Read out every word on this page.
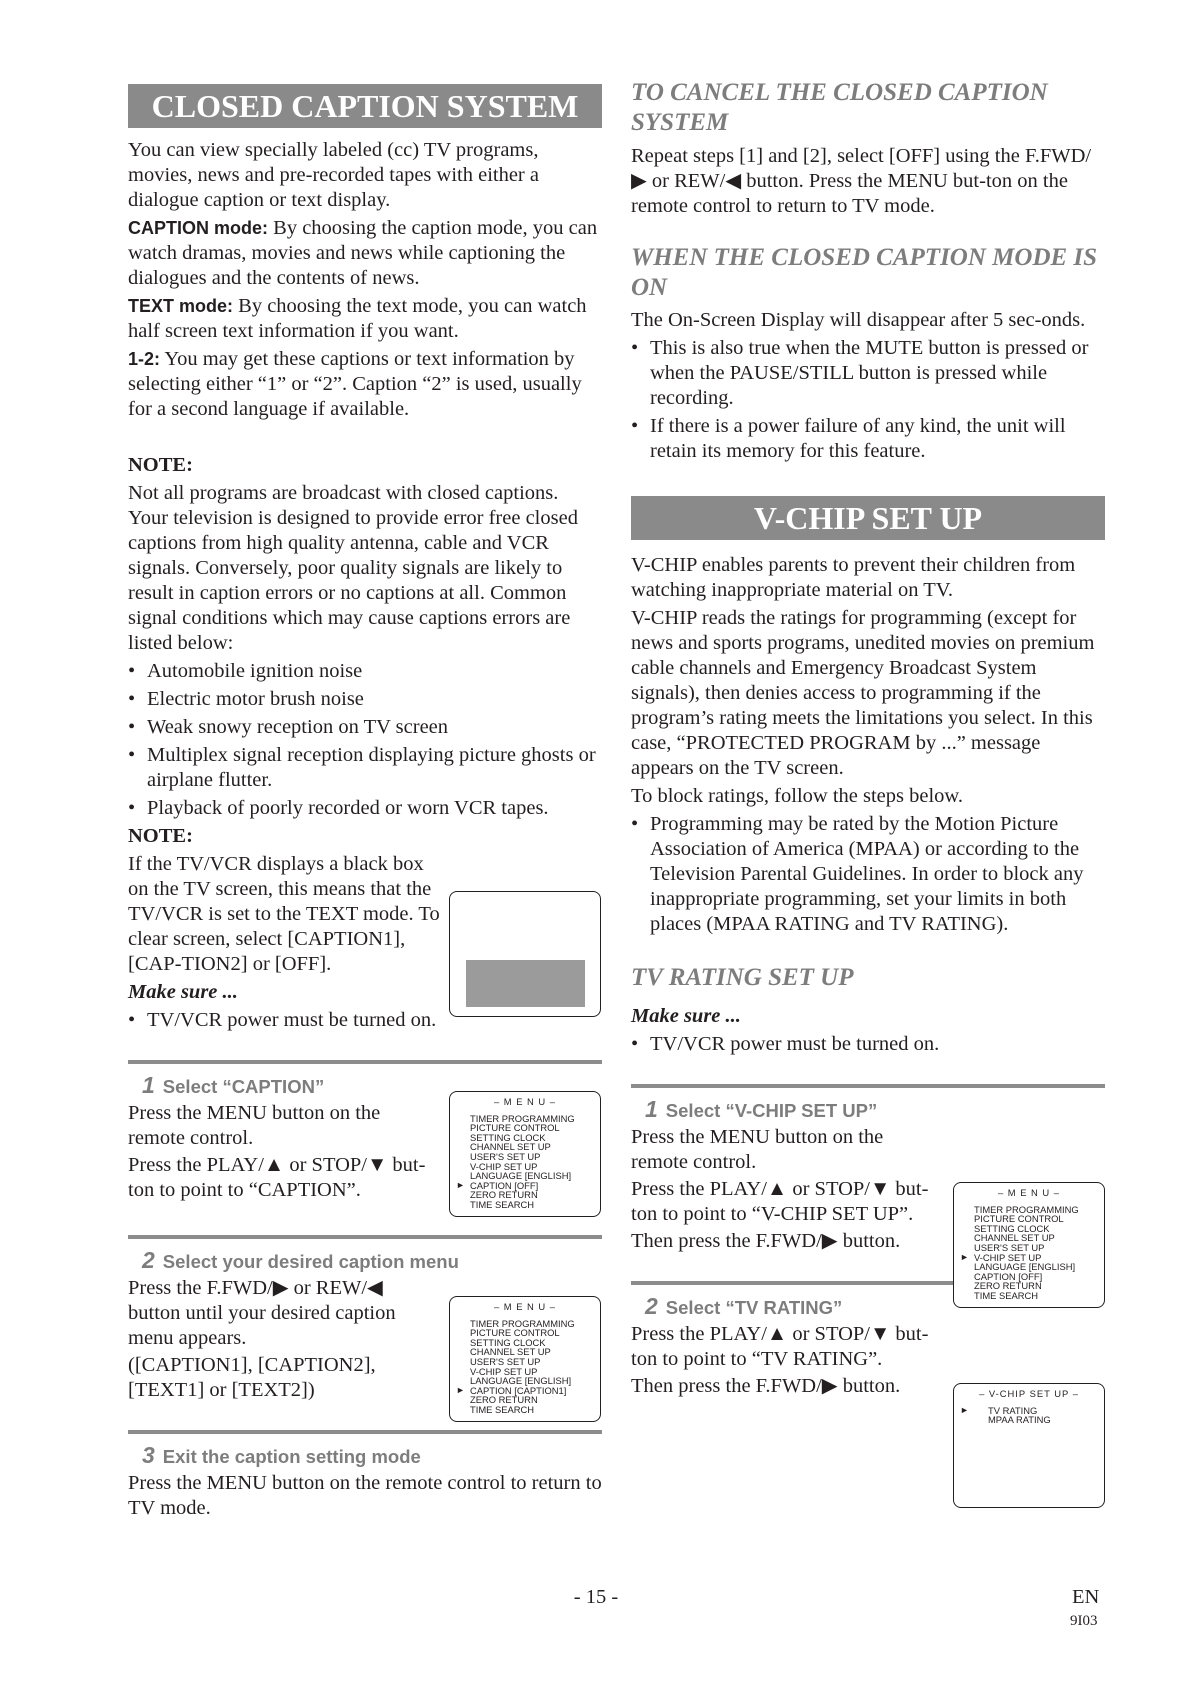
CLOSED CAPTION SYSTEM

You can view specially labeled (cc) TV programs, movies, news and pre-recorded tapes with either a dialogue caption or text display.

CAPTION mode: By choosing the caption mode, you can watch dramas, movies and news while captioning the dialogues and the contents of news.

TEXT mode: By choosing the text mode, you can watch half screen text information if you want.

1-2: You may get these captions or text information by selecting either “1” or “2”. Caption “2” is used, usually for a second language if available.

NOTE:

Not all programs are broadcast with closed captions. Your television is designed to provide error free closed captions from high quality antenna, cable and VCR signals. Conversely, poor quality signals are likely to result in caption errors or no captions at all. Common signal conditions which may cause captions errors are listed below:

• Automobile ignition noise

• Electric motor brush noise

• Weak snowy reception on TV screen

• Multiplex signal reception displaying picture ghosts or airplane flutter.

• Playback of poorly recorded or worn VCR tapes.

NOTE:

If the TV/VCR displays a black box on the TV screen, this means that the TV/VCR is set to the TEXT mode. To clear screen, select [CAPTION1], [CAP-TION2] or [OFF].

Make sure ...

• TV/VCR power must be turned on.

1 Select “CAPTION”

Press the MENU button on the remote control.

Press the PLAY/▲ or STOP/▼ but-ton to point to “CAPTION”.

2 Select your desired caption menu

Press the F.FWD/▶ or REW/◀ button until your desired caption menu appears.

([CAPTION1], [CAPTION2], [TEXT1] or [TEXT2])

3 Exit the caption setting mode

Press the MENU button on the remote control to return to TV mode.

– M E N U –
TIMER PROGRAMMING
PICTURE CONTROL
SETTING CLOCK
CHANNEL SET UP
USER'S SET UP
V-CHIP SET UP
LANGUAGE [ENGLISH]
► CAPTION [OFF]
ZERO RETURN
TIME SEARCH
– M E N U –
TIMER PROGRAMMING
PICTURE CONTROL
SETTING CLOCK
CHANNEL SET UP
USER'S SET UP
V-CHIP SET UP
LANGUAGE [ENGLISH]
► CAPTION [CAPTION1]
ZERO RETURN
TIME SEARCH
TO CANCEL THE CLOSED CAPTION SYSTEM

Repeat steps [1] and [2], select [OFF] using the F.FWD/▶ or REW/◀ button. Press the MENU but-ton on the remote control to return to TV mode.

WHEN THE CLOSED CAPTION MODE IS ON

The On-Screen Display will disappear after 5 sec-onds.

• This is also true when the MUTE button is pressed or when the PAUSE/STILL button is pressed while recording.

• If there is a power failure of any kind, the unit will retain its memory for this feature.

V-CHIP SET UP

V-CHIP enables parents to prevent their children from watching inappropriate material on TV.

V-CHIP reads the ratings for programming (except for news and sports programs, unedited movies on premium cable channels and Emergency Broadcast System signals), then denies access to programming if the program’s rating meets the limitations you select. In this case, “PROTECTED PROGRAM by ...” message appears on the TV screen.

To block ratings, follow the steps below.

• Programming may be rated by the Motion Picture Association of America (MPAA) or according to the Television Parental Guidelines. In order to block any inappropriate programming, set your limits in both places (MPAA RATING and TV RATING).

TV RATING SET UP

Make sure ...

• TV/VCR power must be turned on.

1 Select “V-CHIP SET UP”

Press the MENU button on the remote control.

Press the PLAY/▲ or STOP/▼ but-ton to point to “V-CHIP SET UP”.

Then press the F.FWD/▶ button.

2 Select “TV RATING”

Press the PLAY/▲ or STOP/▼ but-ton to point to “TV RATING”.

Then press the F.FWD/▶ button.

– M E N U –
TIMER PROGRAMMING
PICTURE CONTROL
SETTING CLOCK
CHANNEL SET UP
USER'S SET UP
► V-CHIP SET UP
LANGUAGE [ENGLISH]
CAPTION [OFF]
ZERO RETURN
TIME SEARCH
– V-CHIP SET UP –
► TV RATING
MPAA RATING
- 15 -	EN
9I03
